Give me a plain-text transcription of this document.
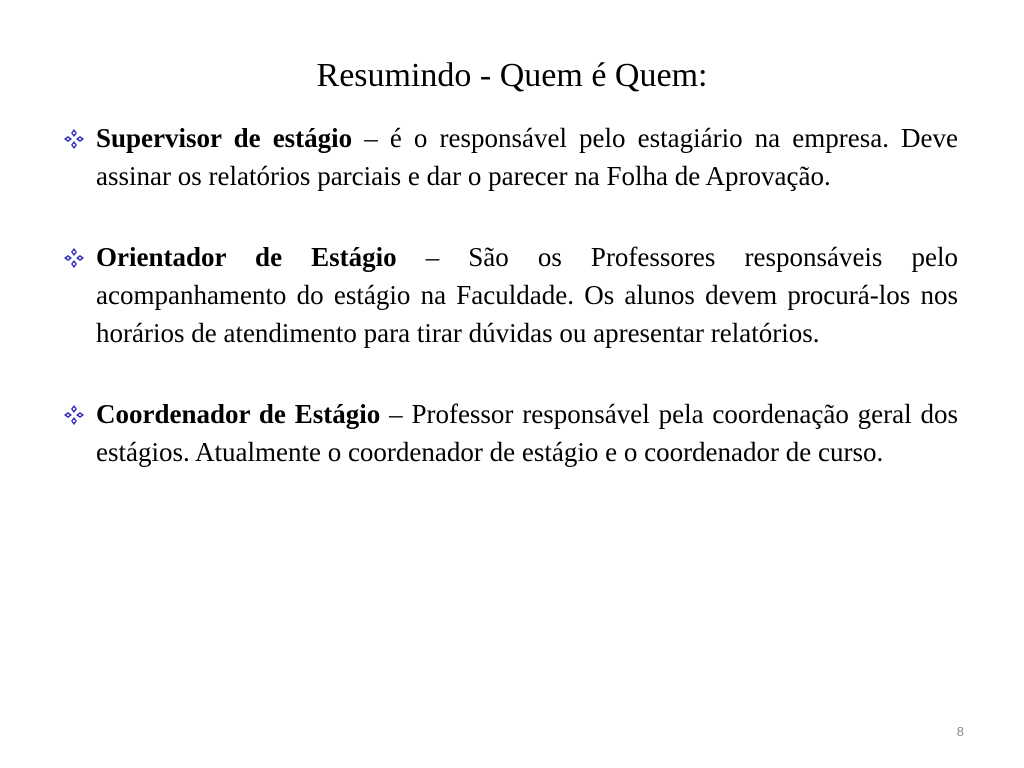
Resumindo - Quem é Quem:
Supervisor de estágio – é o responsável pelo estagiário na empresa. Deve assinar os relatórios parciais e dar o parecer na Folha de Aprovação.
Orientador de Estágio – São os Professores responsáveis pelo acompanhamento do estágio na Faculdade. Os alunos devem procurá-los nos horários de atendimento para tirar dúvidas ou apresentar relatórios.
Coordenador de Estágio – Professor responsável pela coordenação geral dos estágios. Atualmente o coordenador de estágio e o coordenador de curso.
8
